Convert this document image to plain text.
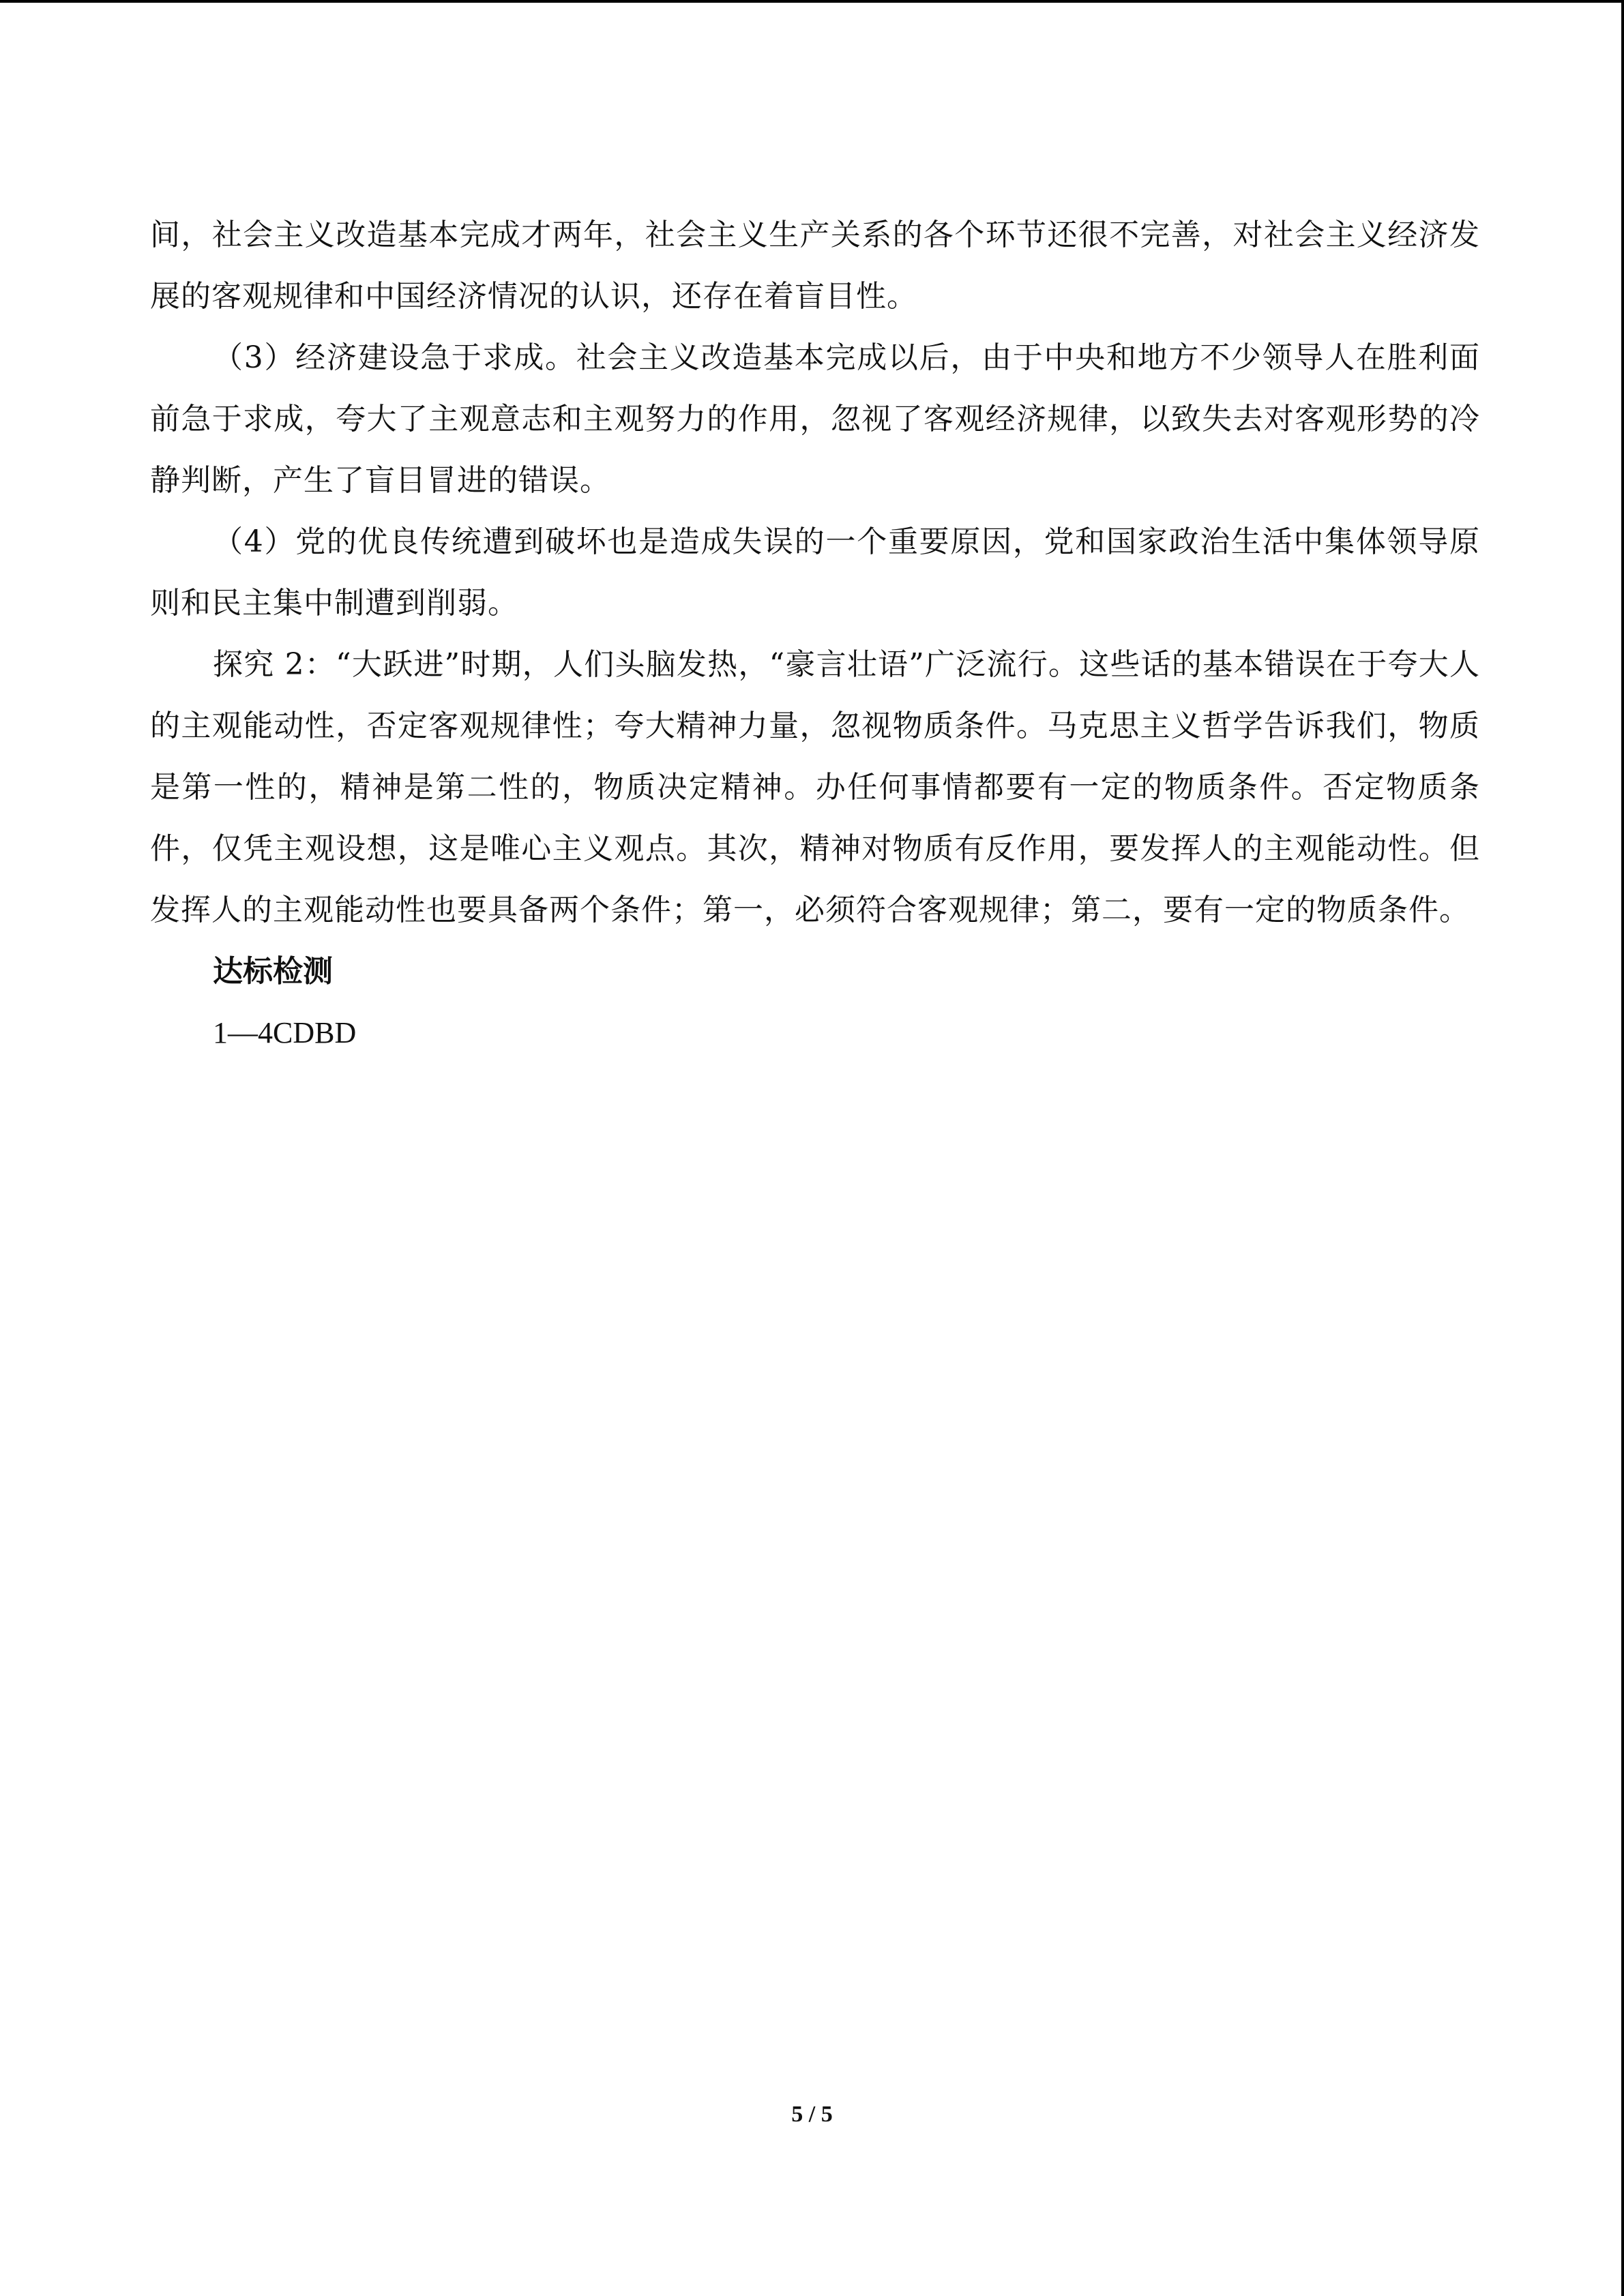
间，社会主义改造基本完成才两年，社会主义生产关系的各个环节还很不完善，对社会主义经济发展的客观规律和中国经济情况的认识，还存在着盲目性。

（3）经济建设急于求成。社会主义改造基本完成以后，由于中央和地方不少领导人在胜利面前急于求成，夸大了主观意志和主观努力的作用，忽视了客观经济规律，以致失去对客观形势的冷静判断，产生了盲目冒进的错误。

（4）党的优良传统遭到破坏也是造成失误的一个重要原因，党和国家政治生活中集体领导原则和民主集中制遭到削弱。

探究 2：“大跃进”时期，人们头脑发热，“豪言壮语”广泛流行。这些话的基本错误在于夸大人的主观能动性，否定客观规律性；夸大精神力量，忽视物质条件。马克思主义哲学告诉我们，物质是第一性的，精神是第二性的，物质决定精神。办任何事情都要有一定的物质条件。否定物质条件，仅凭主观设想，这是唯心主义观点。其次，精神对物质有反作用，要发挥人的主观能动性。但发挥人的主观能动性也要具备两个条件；第一，必须符合客观规律；第二，要有一定的物质条件。

达标检测

1—4CDBD

5 / 5
